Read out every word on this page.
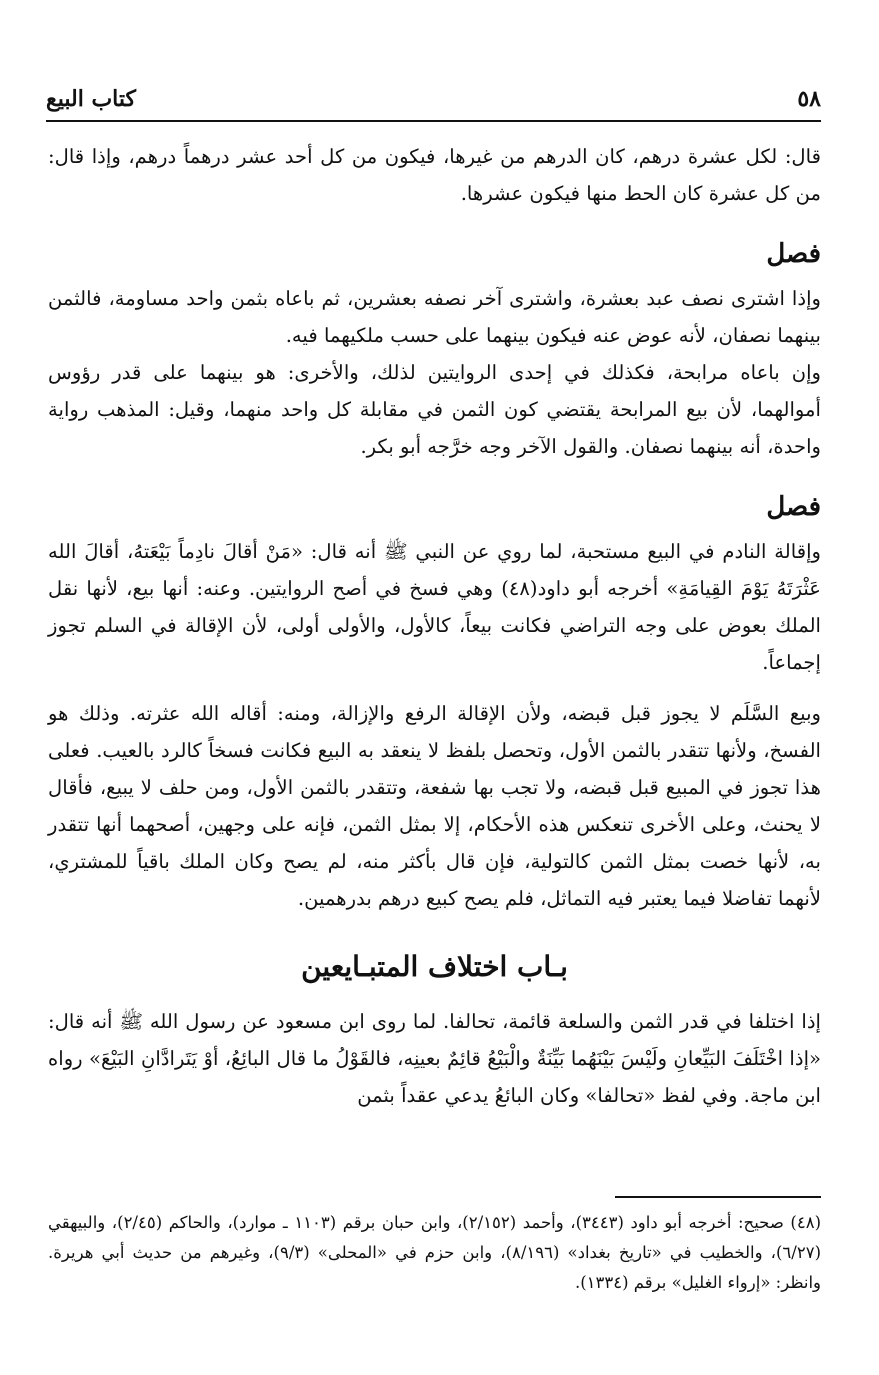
٥٨
كتاب البيع

قال: لكل عشرة درهم، كان الدرهم من غيرها، فيكون من كل أحد عشر درهماً درهم، وإذا قال: من كل عشرة كان الحط منها فيكون عشرها.

فصل

وإذا اشترى نصف عبد بعشرة، واشترى آخر نصفه بعشرين، ثم باعاه بثمن واحد مساومة، فالثمن بينهما نصفان، لأنه عوض عنه فيكون بينهما على حسب ملكيهما فيه.

وإن باعاه مرابحة، فكذلك في إحدى الروايتين لذلك، والأخرى: هو بينهما على قدر رؤوس أموالهما، لأن بيع المرابحة يقتضي كون الثمن في مقابلة كل واحد منهما، وقيل: المذهب رواية واحدة، أنه بينهما نصفان. والقول الآخر وجه خرَّجه أبو بكر.

فصل

وإقالة النادم في البيع مستحبة، لما روي عن النبي ﷺ أنه قال: «مَنْ أقالَ نادِماً بَيْعَتهُ، أقالَ الله عَثْرَتَهُ يَوْمَ القِيامَةِ» أخرجه أبو داود(٤٨) وهي فسخ في أصح الروايتين. وعنه: أنها بيع، لأنها نقل الملك بعوض على وجه التراضي فكانت بيعاً، كالأول، والأولى أولى، لأن الإقالة في السلم تجوز إجماعاً.

وبيع السَّلَم لا يجوز قبل قبضه، ولأن الإقالة الرفع والإزالة، ومنه: أقاله الله عثرته. وذلك هو الفسخ، ولأنها تتقدر بالثمن الأول، وتحصل بلفظ لا ينعقد به البيع فكانت فسخاً كالرد بالعيب. فعلى هذا تجوز في المبيع قبل قبضه، ولا تجب بها شفعة، وتتقدر بالثمن الأول، ومن حلف لا يبيع، فأقال لا يحنث، وعلى الأخرى تنعكس هذه الأحكام، إلا بمثل الثمن، فإنه على وجهين، أصحهما أنها تتقدر به، لأنها خصت بمثل الثمن كالتولية، فإن قال بأكثر منه، لم يصح وكان الملك باقياً للمشتري، لأنهما تفاضلا فيما يعتبر فيه التماثل، فلم يصح كبيع درهم بدرهمين.

بـاب اختلاف المتبـايعين

إذا اختلفا في قدر الثمن والسلعة قائمة، تحالفا. لما روى ابن مسعود عن رسول الله ﷺ أنه قال: «إذا اخْتَلَفَ البَيِّعانِ ولَيْسَ بَيْنَهُما بَيِّنَةٌ والْبَيْعُ قائِمٌ بعينِه، فالقَوْلُ ما قال البائِعُ، أوْ يَتَرادَّانِ البَيْعَ» رواه ابن ماجة. وفي لفظ «تحالفا» وكان البائعُ يدعي عقداً بثمن

(٤٨) صحيح: أخرجه أبو داود (٣٤٤٣)، وأحمد (٢/١٥٢)، وابن حبان برقم (١١٠٣ ـ موارد)، والحاكم (٢/٤٥)، والبيهقي (٦/٢٧)، والخطيب في «تاريخ بغداد» (٨/١٩٦)، وابن حزم في «المحلى» (٩/٣)، وغيرهم من حديث أبي هريرة. وانظر: «إرواء الغليل» برقم (١٣٣٤).
